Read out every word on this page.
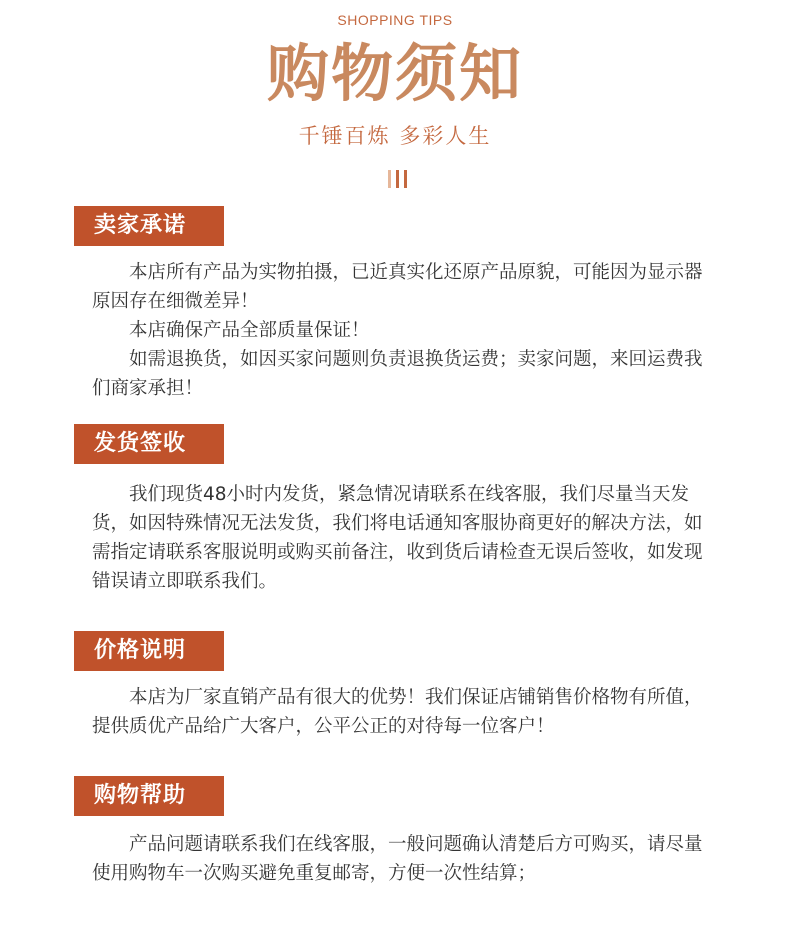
SHOPPING TIPS
购物须知
千锤百炼 多彩人生
卖家承诺

本店所有产品为实物拍摄，已近真实化还原产品原貌，可能因为显示器原因存在细微差异！

本店确保产品全部质量保证！

如需退换货，如因买家问题则负责退换货运费；卖家问题，来回运费我们商家承担！

发货签收

我们现货48小时内发货，紧急情况请联系在线客服，我们尽量当天发货，如因特殊情况无法发货，我们将电话通知客服协商更好的解决方法，如需指定请联系客服说明或购买前备注，收到货后请检查无误后签收，如发现错误请立即联系我们。

价格说明

本店为厂家直销产品有很大的优势！我们保证店铺销售价格物有所值，提供质优产品给广大客户，公平公正的对待每一位客户！

购物帮助

产品问题请联系我们在线客服，一般问题确认清楚后方可购买，请尽量使用购物车一次购买避免重复邮寄，方便一次性结算；
